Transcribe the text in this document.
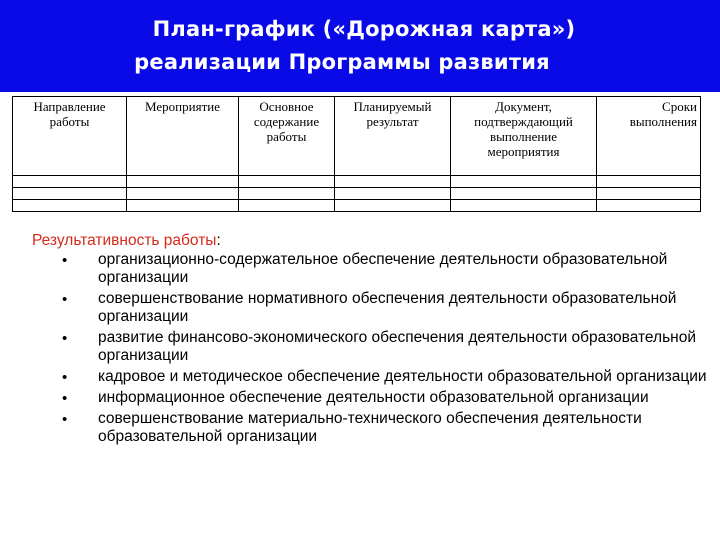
План-график («Дорожная карта»)
реализации Программы развития
Направление работы	Мероприятие	Основное содержание работы	Планируемый результат	Документ, подтверждающий выполнение мероприятия	Сроки выполнения

Результативность работы:
• организационно-содержательное обеспечение деятельности образовательной организации
• совершенствование нормативного обеспечения деятельности образовательной организации
• развитие финансово-экономического обеспечения деятельности образовательной организации
• кадровое и методическое обеспечение деятельности образовательной организации
• информационное обеспечение деятельности образовательной организации
• совершенствование материально-технического обеспечения деятельности образовательной организации
